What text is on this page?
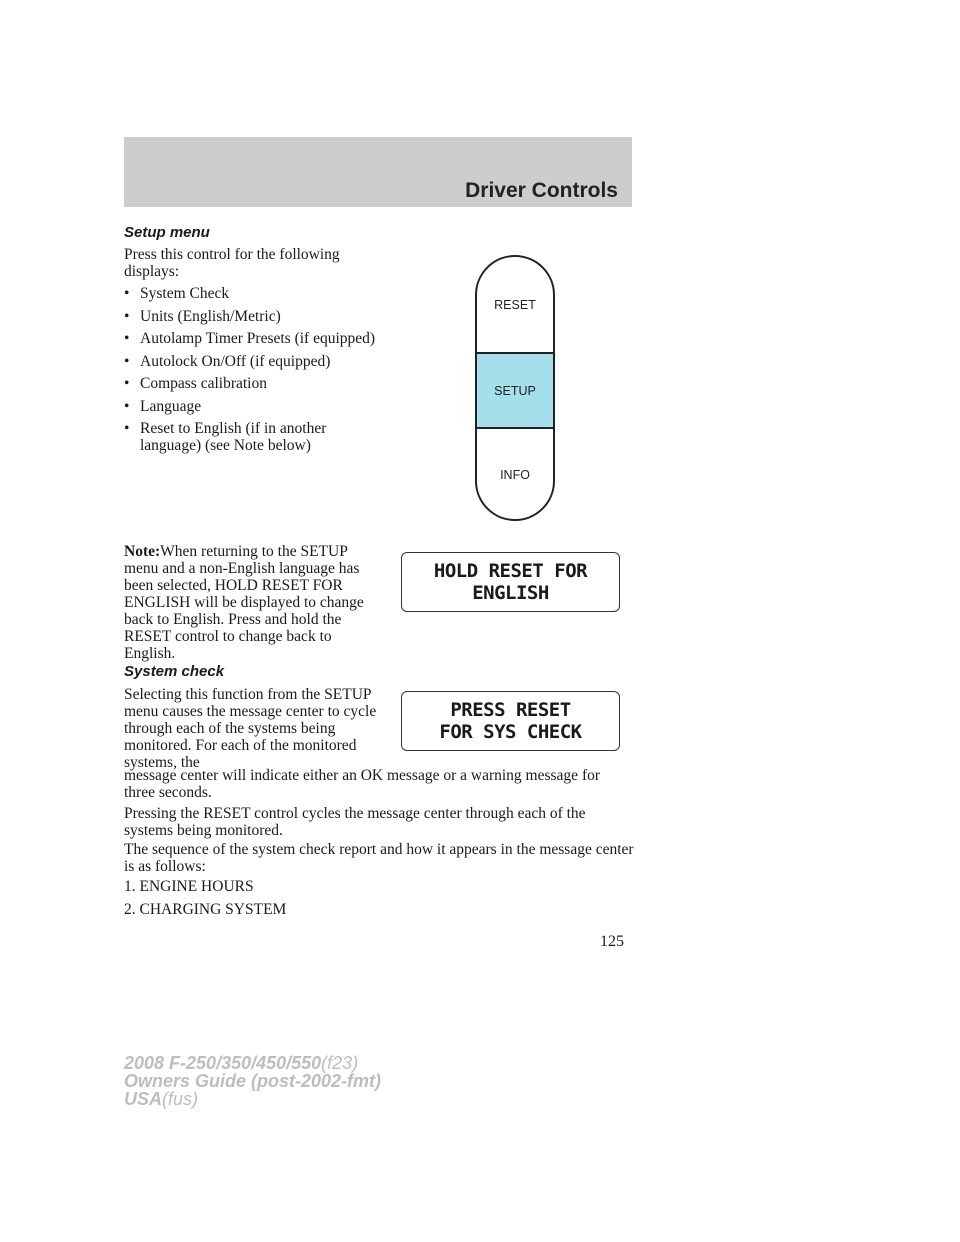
Driver Controls
Setup menu
Press this control for the following displays:
• System Check
• Units (English/Metric)
• Autolamp Timer Presets (if equipped)
• Autolock On/Off (if equipped)
• Compass calibration
• Language
• Reset to English (if in another language) (see Note below)
RESET
SETUP
INFO
Note:When returning to the SETUP menu and a non-English language has been selected, HOLD RESET FOR ENGLISH will be displayed to change back to English. Press and hold the RESET control to change back to English.
HOLD RESET FOR
ENGLISH
System check
Selecting this function from the SETUP menu causes the message center to cycle through each of the systems being monitored. For each of the monitored systems, the
message center will indicate either an OK message or a warning message for three seconds.
PRESS RESET
FOR SYS CHECK
Pressing the RESET control cycles the message center through each of the systems being monitored.
The sequence of the system check report and how it appears in the message center is as follows:
1. ENGINE HOURS
2. CHARGING SYSTEM
125
2008 F-250/350/450/550(f23)
Owners Guide (post-2002-fmt)
USA(fus)
